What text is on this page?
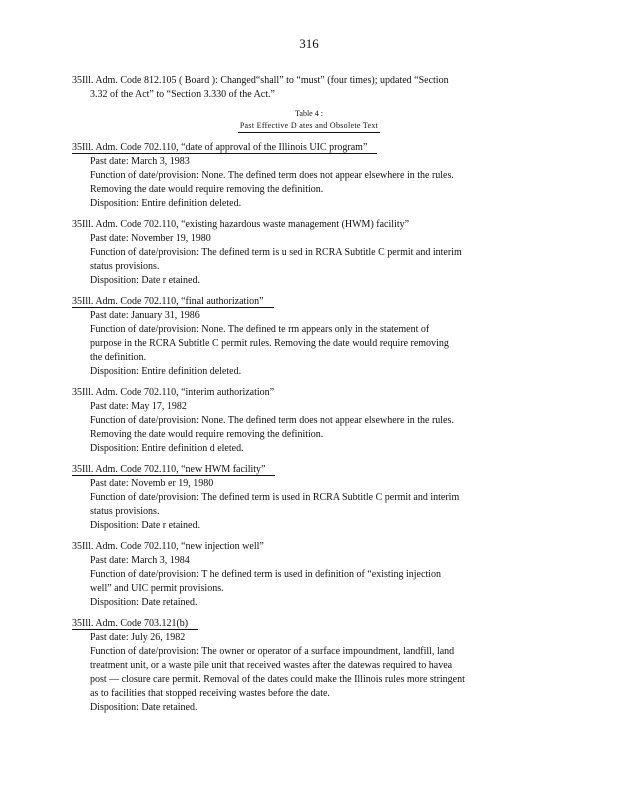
316
35Ill. Adm. Code 812.105 ( Board ): Changed“shall” to “must” (four times); updated “Section
3.32 of the Act” to “Section 3.330 of the Act.”
Table 4 :
Past Effective D ates and Obsolete Text
35Ill. Adm. Code 702.110, “date of approval of the Illinois UIC program”
Past date: March 3, 1983
Function of date/provision: None. The defined term does not appear elsewhere in the rules.
Removing the date would require removing the definition.
Disposition: Entire definition deleted.
35Ill. Adm. Code 702.110, “existing hazardous waste management (HWM) facility”
Past date: November 19, 1980
Function of date/provision: The defined term is u sed in RCRA Subtitle C permit and interim
status provisions.
Disposition: Date r etained.
35Ill. Adm. Code 702.110, “final authorization”
Past date: January 31, 1986
Function of date/provision: None. The defined te rm appears only in the statement of
purpose in the RCRA Subtitle C permit rules. Removing the date would require removing
the definition.
Disposition: Entire definition deleted.
35Ill. Adm. Code 702.110, “interim authorization”
Past date: May 17, 1982
Function of date/provision: None. The defined term does not appear elsewhere in the rules.
Removing the date would require removing the definition.
Disposition: Entire definition d eleted.
35Ill. Adm. Code 702.110, “new HWM facility”
Past date: Novemb er 19, 1980
Function of date/provision: The defined term is used in RCRA Subtitle C permit and interim
status provisions.
Disposition: Date r etained.
35Ill. Adm. Code 702.110, “new injection well”
Past date: March 3, 1984
Function of date/provision: T he defined term is used in definition of “existing injection
well” and UIC permit provisions.
Disposition: Date retained.
35Ill. Adm. Code 703.121(b)
Past date: July 26, 1982
Function of date/provision: The owner or operator of a surface impoundment, landfill, land
treatment unit, or a waste pile unit that received wastes after the datewas required to havea
post — closure care permit. Removal of the dates could make the Illinois rules more stringent
as to facilities that stopped receiving wastes before the date.
Disposition: Date retained.
